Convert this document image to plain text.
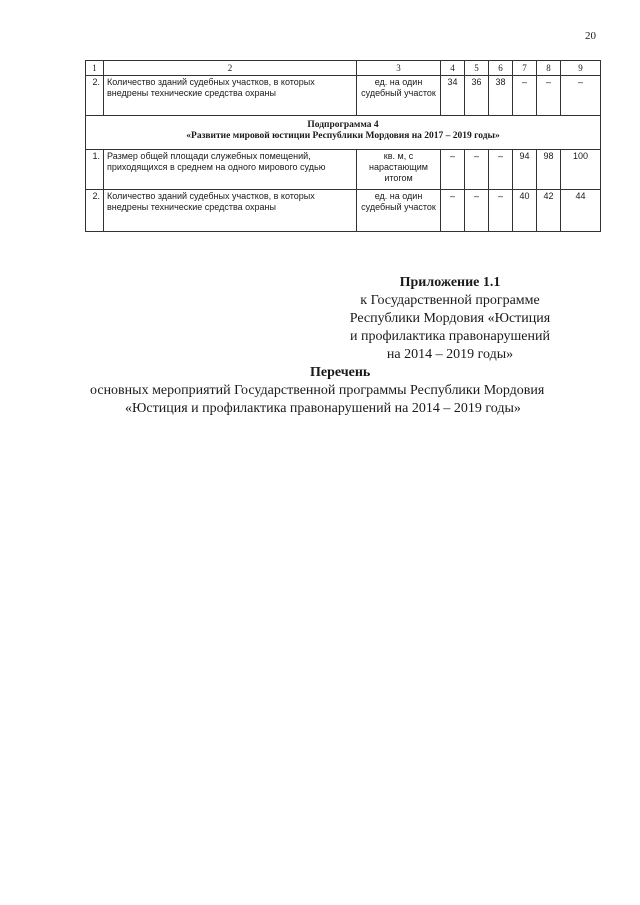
20
1	2	3	4	5	6	7	8	9
2.	Количество зданий судебных участков, в которых внедрены технические средства охраны	ед. на один судебный участок	34	36	38	–	–	–

Подпрограмма 4
«Развитие мировой юстиции Республики Мордовия на 2017 – 2019 годы»								

1.	Размер общей площади служебных помещений, приходящихся в среднем на одного мирового судью	кв. м, с нарастающим итогом	–	–	–	94	98	100
2.	Количество зданий судебных участков, в которых внедрены технические средства охраны	ед. на один судебный участок	–	–	–	40	42	44
Приложение 1.1
к Государственной программе
Республики Мордовия «Юстиция
и профилактика правонарушений
на 2014 – 2019 годы»
Перечень
основных мероприятий Государственной программы Республики Мордовия
«Юстиция и профилактика правонарушений на 2014 – 2019 годы»
